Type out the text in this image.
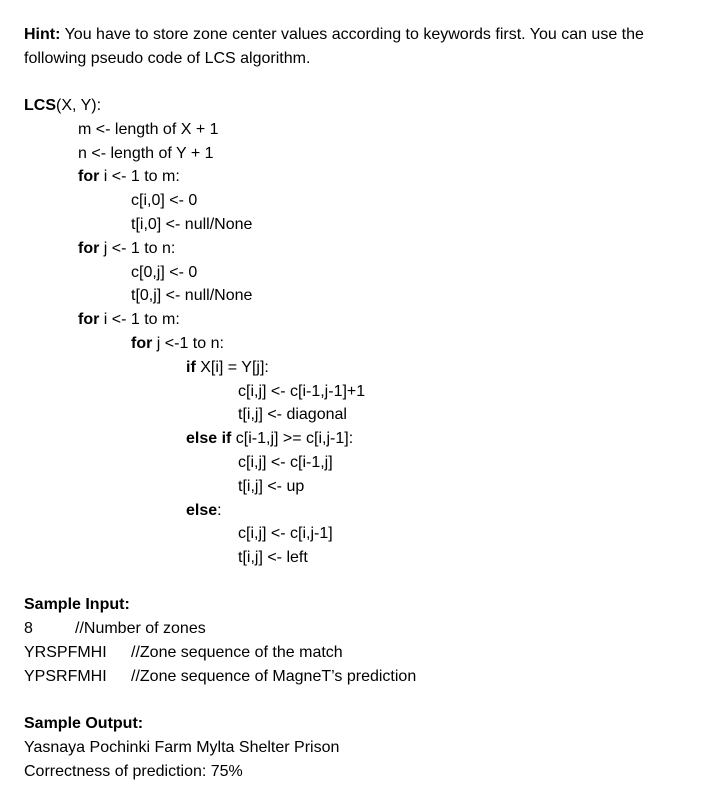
Hint: You have to store zone center values according to keywords first. You can use the following pseudo code of LCS algorithm.

LCS(X, Y):
m <- length of X + 1
n <- length of Y + 1
for i <- 1 to m:
c[i,0] <- 0
t[i,0] <- null/None
for j <- 1 to n:
c[0,j] <- 0
t[0,j] <- null/None
for i <- 1 to m:
for j <-1 to n:
if X[i] = Y[j]:
c[i,j] <- c[i-1,j-1]+1
t[i,j] <- diagonal
else if c[i-1,j] >= c[i,j-1]:
c[i,j] <- c[i-1,j]
t[i,j] <- up
else:
c[i,j] <- c[i,j-1]
t[i,j] <- left
Sample Input:
8	//Number of zones
YRSPFMHI //Zone sequence of the match
YPSRFMHI //Zone sequence of MagneT’s prediction
Sample Output:
Yasnaya Pochinki Farm Mylta Shelter Prison
Correctness of prediction: 75%
